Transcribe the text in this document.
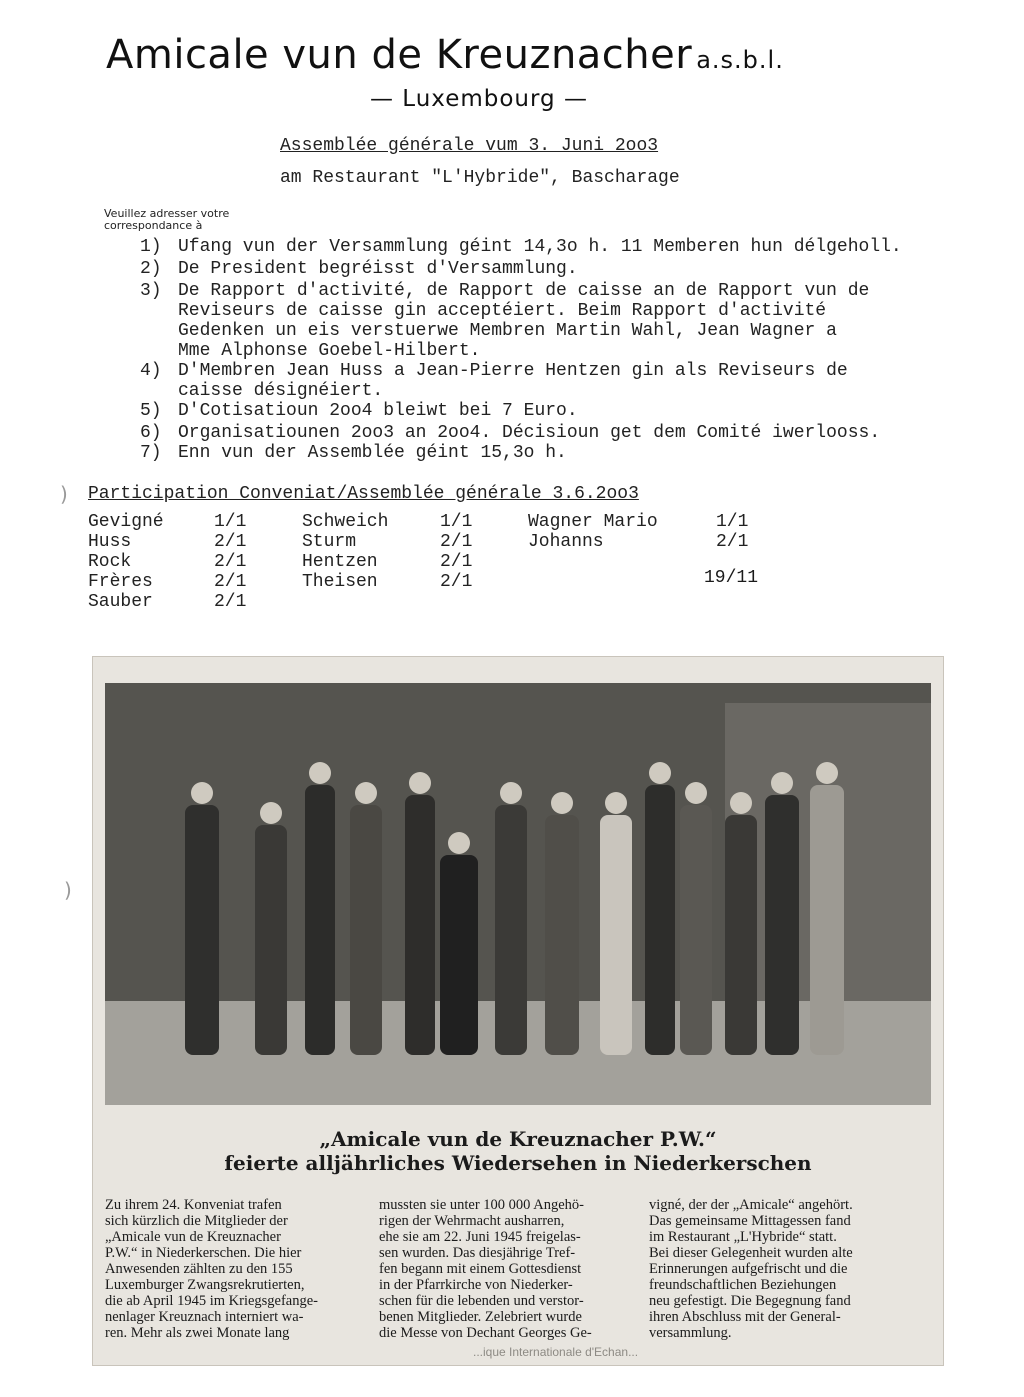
Amicale vun de Kreuznacher a.s.b.l.
— Luxembourg —
Assemblée générale vum 3. Juni 2oo3
am Restaurant "L'Hybride", Bascharage
Veuillez adresser votre correspondance à
1) Ufang vun der Versammlung géint 14,3o h. 11 Memberen hun délgeholl.
2) De President begréisst d'Versammlung.
3) De Rapport d'activité, de Rapport de caisse an de Rapport vun de
Reviseurs de caisse gin acceptéiert. Beim Rapport d'activité
Gedenken un eis verstuerwe Membren Martin Wahl, Jean Wagner a
Mme Alphonse Goebel-Hilbert.
4) D'Membren Jean Huss a Jean-Pierre Hentzen gin als Reviseurs de
caisse désignéiert.
5) D'Cotisatioun 2oo4 bleiwt bei 7 Euro.
6) Organisatiounen 2oo3 an 2oo4. Décisioun get dem Comité iwerlooss.
7) Enn vun der Assemblée géint 15,3o h.
Participation Conveniat/Assemblée générale 3.6.2oo3
Gevigné	1/1
Huss	2/1
Rock	2/1
Frères	2/1
Sauber	2/1
Schweich	1/1
Sturm	2/1
Hentzen	2/1
Theisen	2/1
Wagner Mario	1/1
Johanns	2/1
19/11
)
)
„Amicale vun de Kreuznacher P.W.“
feierte alljährliches Wiedersehen in Niederkerschen
Zu ihrem 24. Konveniat trafen
sich kürzlich die Mitglieder der
„Amicale vun de Kreuznacher
P.W.“ in Niederkerschen. Die hier
Anwesenden zählten zu den 155
Luxemburger Zwangsrekrutierten,
die ab April 1945 im Kriegsgefange-
nenlager Kreuznach interniert wa-
ren. Mehr als zwei Monate lang
mussten sie unter 100 000 Angehö-
rigen der Wehrmacht ausharren,
ehe sie am 22. Juni 1945 freigelas-
sen wurden. Das diesjährige Tref-
fen begann mit einem Gottesdienst
in der Pfarrkirche von Niederker-
schen für die lebenden und verstor-
benen Mitglieder. Zelebriert wurde
die Messe von Dechant Georges Ge-
vigné, der der „Amicale“ angehört.
Das gemeinsame Mittagessen fand
im Restaurant „L'Hybride“ statt.
Bei dieser Gelegenheit wurden alte
Erinnerungen aufgefrischt und die
freundschaftlichen Beziehungen
neu gefestigt. Die Begegnung fand
ihren Abschluss mit der General-
versammlung.
...ique Internationale d'Echan...
